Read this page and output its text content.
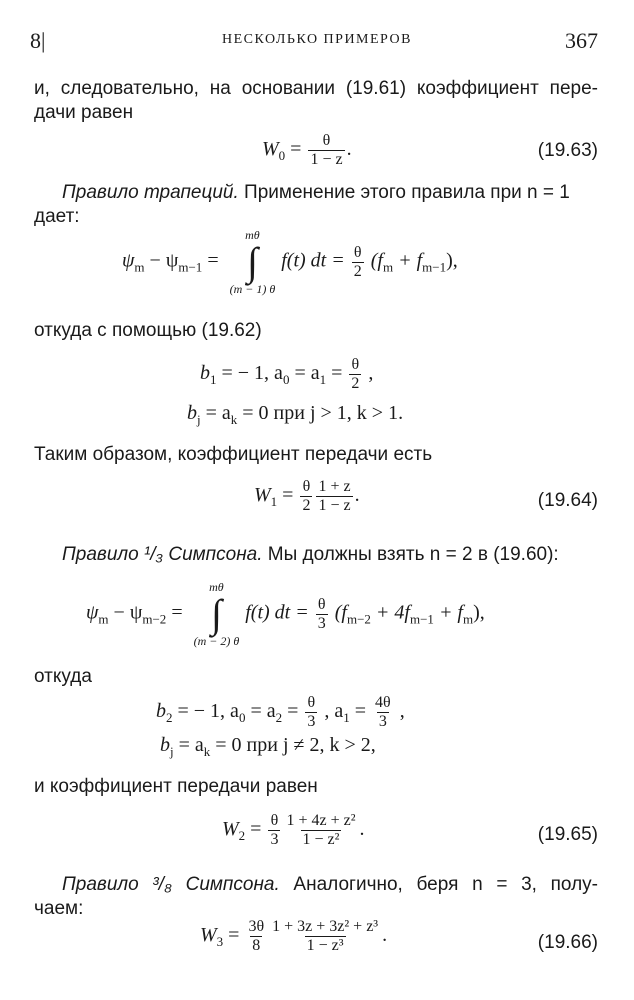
8|	НЕСКОЛЬКО ПРИМЕРОВ	367
и, следовательно, на основании (19.61) коэффициент пере-
дачи равен
$W_0 = \frac{\theta}{1 - z}$ .	(19.63)
Правило трапеций. Применение этого правила при n = 1
дает:
$\psi_m - \psi_{m-1}$ =
mθ
∫
(m − 1) θ
f(t) dt = $\frac{\theta}{2} (f_m + f_{m-1})$,
откуда с помощью (19.62)
$b_1$ = − 1, $a_0 = a_1 = \frac{\theta}{2}$ ,
$b_j = a_k = 0$ при j > 1, k > 1.
Таким образом, коэффициент передачи есть
$W_1 = \frac{\theta}{2} \frac{1 + z}{1 - z}$ .	(19.64)
Правило ¹/₃ Симпсона. Мы должны взять n = 2 в (19.60):
$\psi_m - \psi_{m-2}$ =
mθ
∫
(m − 2) θ
f(t) dt = $\frac{\theta}{3} (f_{m-2} + 4f_{m-1} + f_m)$,
откуда
$b_2$ = − 1, $a_0 = a_2 = \frac{\theta}{3}$ , $a_1 = \frac{4\theta}{3}$ ,
$b_j = a_k = 0$ при j ≠ 2, k > 2,
и коэффициент передачи равен
$W_2 = \frac{\theta}{3} \frac{\text{1 + 4z + z²}}{\text{1 − z²}}$ .	(19.65)
Правило ³/₈ Симпсона. Аналогично, беря n = 3, полу-
чаем:
$W_3 = \frac{3\theta}{8} \frac{\text{1 + 3z + 3z² + z³}}{\text{1 − z³}}$ .	(19.66)
